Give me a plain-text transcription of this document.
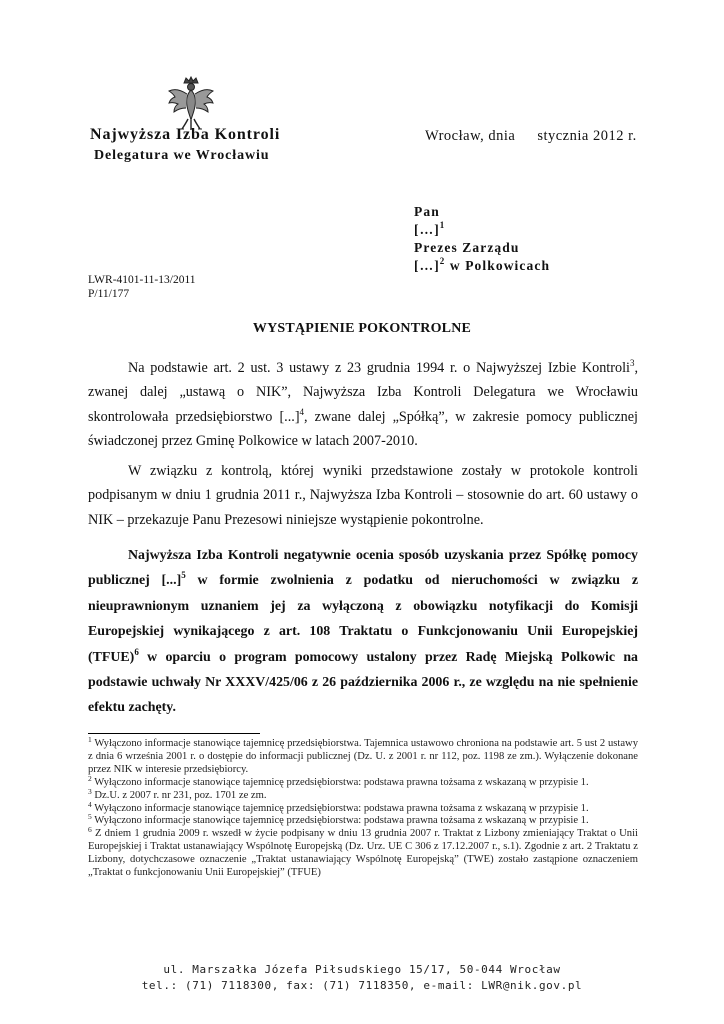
Najwyższa Izba Kontroli
Delegatura we Wrocławiu
Wrocław, dnia stycznia 2012 r.
Pan
[…]$^1$
Prezes Zarządu
[…]$^2$ w Polkowicach
LWR-4101-11-13/2011
P/11/177
WYSTĄPIENIE POKONTROLNE

Na podstawie art. 2 ust. 3 ustawy z 23 grudnia 1994 r. o Najwyższej Izbie Kontroli$^3$, zwanej dalej „ustawą o NIK”, Najwyższa Izba Kontroli Delegatura we Wrocławiu skontrolowała przedsiębiorstwo [...]$^4$, zwane dalej „Spółką”, w zakresie pomocy publicznej świadczonej przez Gminę Polkowice w latach 2007-2010.

W związku z kontrolą, której wyniki przedstawione zostały w protokole kontroli podpisanym w dniu 1 grudnia 2011 r., Najwyższa Izba Kontroli – stosownie do art. 60 ustawy o NIK – przekazuje Panu Prezesowi niniejsze wystąpienie pokontrolne.

Najwyższa Izba Kontroli negatywnie ocenia sposób uzyskania przez Spółkę pomocy publicznej [...]$^5$ w formie zwolnienia z podatku od nieruchomości w związku z nieuprawnionym uznaniem jej za wyłączoną z obowiązku notyfikacji do Komisji Europejskiej wynikającego z art. 108 Traktatu o Funkcjonowaniu Unii Europejskiej (TFUE)$^6$ w oparciu o program pomocowy ustalony przez Radę Miejską Polkowic na podstawie uchwały Nr XXXV/425/06 z 26 października 2006 r., ze względu na nie spełnienie efektu zachęty.

$^1$ Wyłączono informacje stanowiące tajemnicę przedsiębiorstwa. Tajemnica ustawowo chroniona na podstawie art. 5 ust 2 ustawy z dnia 6 września 2001 r. o dostępie do informacji publicznej (Dz. U. z 2001 r. nr 112, poz. 1198 ze zm.). Wyłączenie dokonane przez NIK w interesie przedsiębiorcy.
$^2$ Wyłączono informacje stanowiące tajemnicę przedsiębiorstwa: podstawa prawna tożsama z wskazaną w przypisie 1.
$^3$ Dz.U. z 2007 r. nr 231, poz. 1701 ze zm.
$^4$ Wyłączono informacje stanowiące tajemnicę przedsiębiorstwa: podstawa prawna tożsama z wskazaną w przypisie 1.
$^5$ Wyłączono informacje stanowiące tajemnicę przedsiębiorstwa: podstawa prawna tożsama z wskazaną w przypisie 1.
$^6$ Z dniem 1 grudnia 2009 r. wszedł w życie podpisany w dniu 13 grudnia 2007 r. Traktat z Lizbony zmieniający Traktat o Unii Europejskiej i Traktat ustanawiający Wspólnotę Europejską (Dz. Urz. UE C 306 z 17.12.2007 r., s.1). Zgodnie z art. 2 Traktatu z Lizbony, dotychczasowe oznaczenie „Traktat ustanawiający Wspólnotę Europejską” (TWE) zostało zastąpione oznaczeniem „Traktat o funkcjonowaniu Unii Europejskiej” (TFUE)
ul. Marszałka Józefa Piłsudskiego 15/17, 50-044 Wrocław
tel.: (71) 7118300, fax: (71) 7118350, e-mail: LWR@nik.gov.pl
